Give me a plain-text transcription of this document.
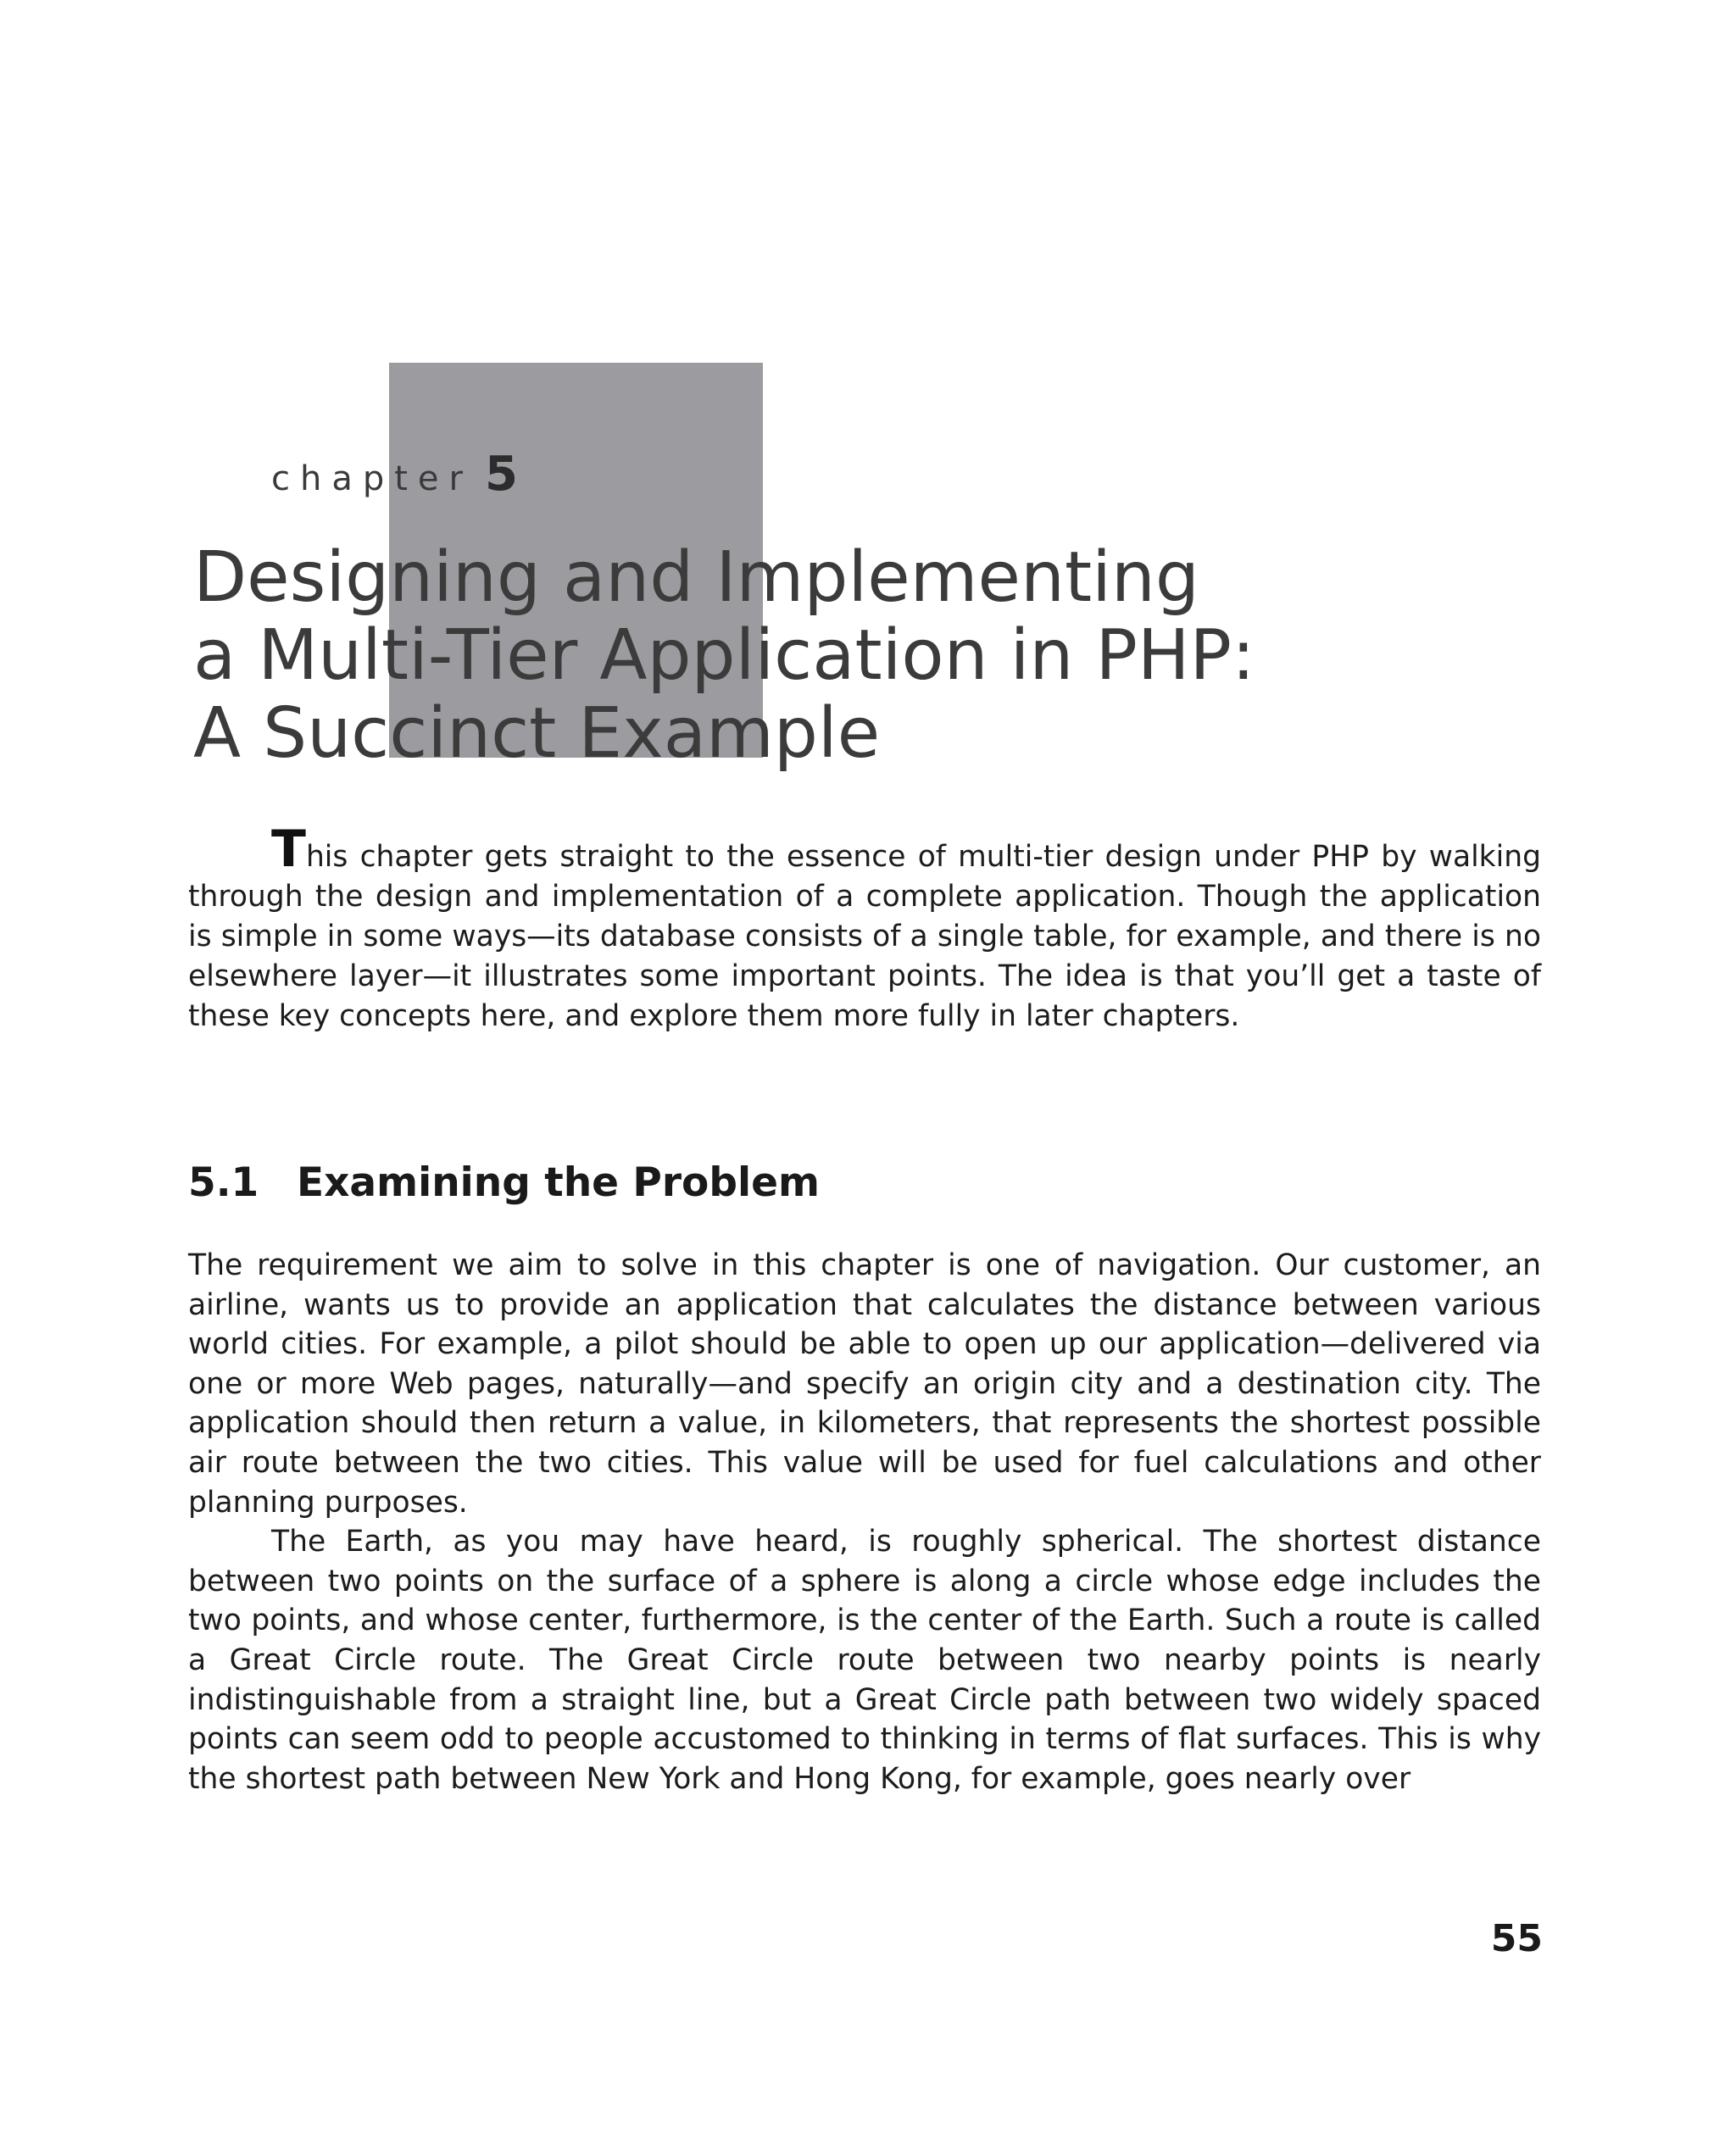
chapter 5
Designing and Implementing
a Multi-Tier Application in PHP:
A Succinct Example

This chapter gets straight to the essence of multi-tier design under PHP by walking through the design and implementation of a complete application. Though the application is simple in some ways—its database consists of a single table, for example, and there is no elsewhere layer—it illustrates some important points. The idea is that you’ll get a taste of these key concepts here, and explore them more fully in later chapters.

5.1 Examining the Problem

The requirement we aim to solve in this chapter is one of navigation. Our customer, an airline, wants us to provide an application that calculates the distance between various world cities. For example, a pilot should be able to open up our application—delivered via one or more Web pages, naturally—and specify an origin city and a destination city. The application should then return a value, in kilometers, that represents the shortest possible air route between the two cities. This value will be used for fuel calculations and other planning purposes.

The Earth, as you may have heard, is roughly spherical. The shortest distance between two points on the surface of a sphere is along a circle whose edge includes the two points, and whose center, furthermore, is the center of the Earth. Such a route is called a Great Circle route. The Great Circle route between two nearby points is nearly indistinguishable from a straight line, but a Great Circle path between two widely spaced points can seem odd to people accustomed to thinking in terms of flat surfaces. This is why the shortest path between New York and Hong Kong, for example, goes nearly over

55
